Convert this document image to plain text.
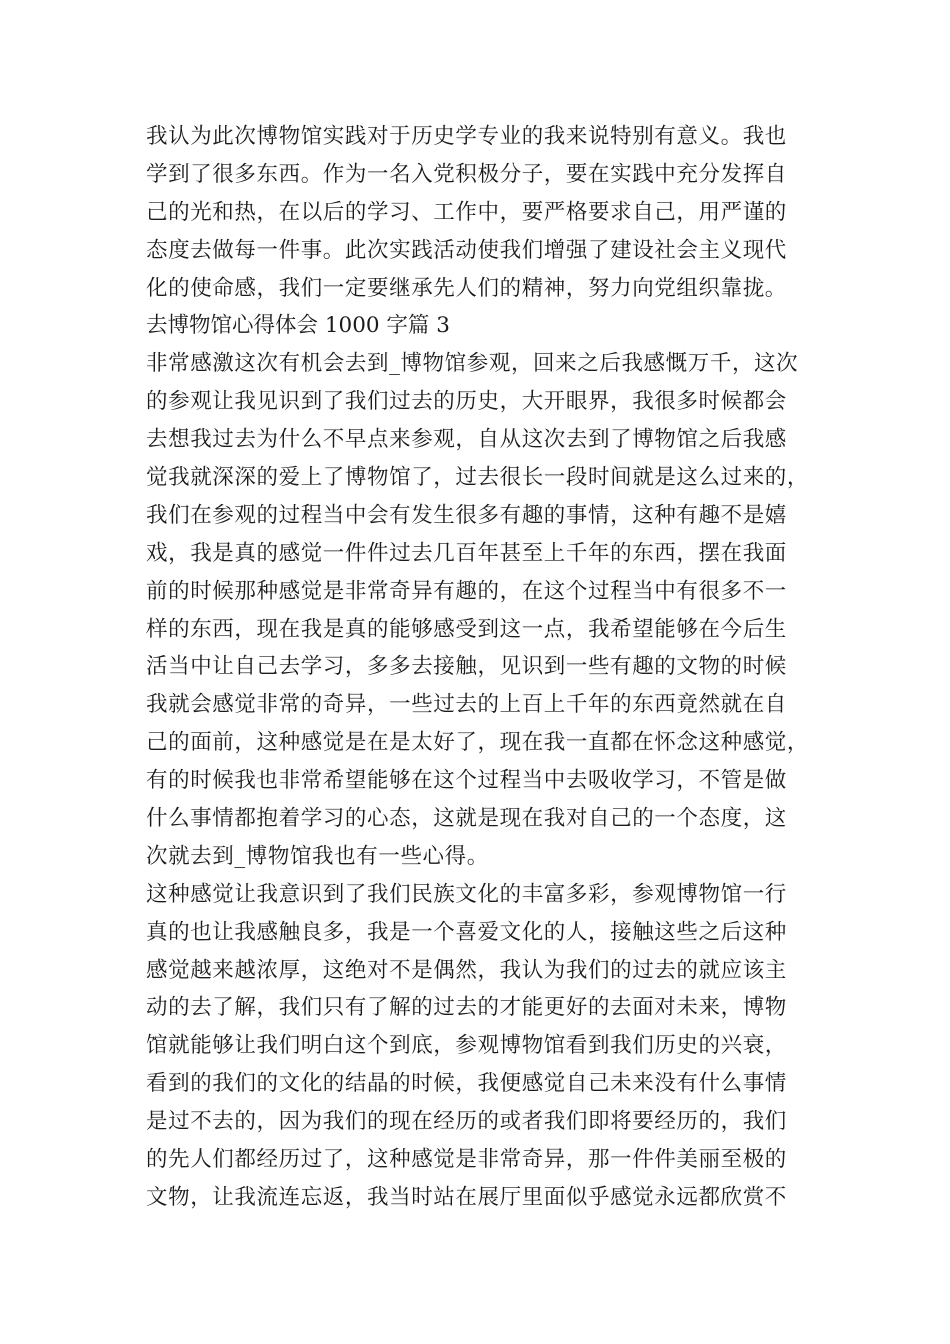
我认为此次博物馆实践对于历史学专业的我来说特别有意义。我也
学到了很多东西。作为一名入党积极分子，要在实践中充分发挥自
己的光和热，在以后的学习、工作中，要严格要求自己，用严谨的
态度去做每一件事。此次实践活动使我们增强了建设社会主义现代
化的使命感，我们一定要继承先人们的精神，努力向党组织靠拢。
去博物馆心得体会 1000 字篇 3
非常感激这次有机会去到_博物馆参观，回来之后我感慨万千，这次
的参观让我见识到了我们过去的历史，大开眼界，我很多时候都会
去想我过去为什么不早点来参观，自从这次去到了博物馆之后我感
觉我就深深的爱上了博物馆了，过去很长一段时间就是这么过来的，
我们在参观的过程当中会有发生很多有趣的事情，这种有趣不是嬉
戏，我是真的感觉一件件过去几百年甚至上千年的东西，摆在我面
前的时候那种感觉是非常奇异有趣的，在这个过程当中有很多不一
样的东西，现在我是真的能够感受到这一点，我希望能够在今后生
活当中让自己去学习，多多去接触，见识到一些有趣的文物的时候
我就会感觉非常的奇异，一些过去的上百上千年的东西竟然就在自
己的面前，这种感觉是在是太好了，现在我一直都在怀念这种感觉，
有的时候我也非常希望能够在这个过程当中去吸收学习，不管是做
什么事情都抱着学习的心态，这就是现在我对自己的一个态度，这
次就去到_博物馆我也有一些心得。
这种感觉让我意识到了我们民族文化的丰富多彩，参观博物馆一行
真的也让我感触良多，我是一个喜爱文化的人，接触这些之后这种
感觉越来越浓厚，这绝对不是偶然，我认为我们的过去的就应该主
动的去了解，我们只有了解的过去的才能更好的去面对未来，博物
馆就能够让我们明白这个到底，参观博物馆看到我们历史的兴衰，
看到的我们的文化的结晶的时候，我便感觉自己未来没有什么事情
是过不去的，因为我们的现在经历的或者我们即将要经历的，我们
的先人们都经历过了，这种感觉是非常奇异，那一件件美丽至极的
文物，让我流连忘返，我当时站在展厅里面似乎感觉永远都欣赏不
